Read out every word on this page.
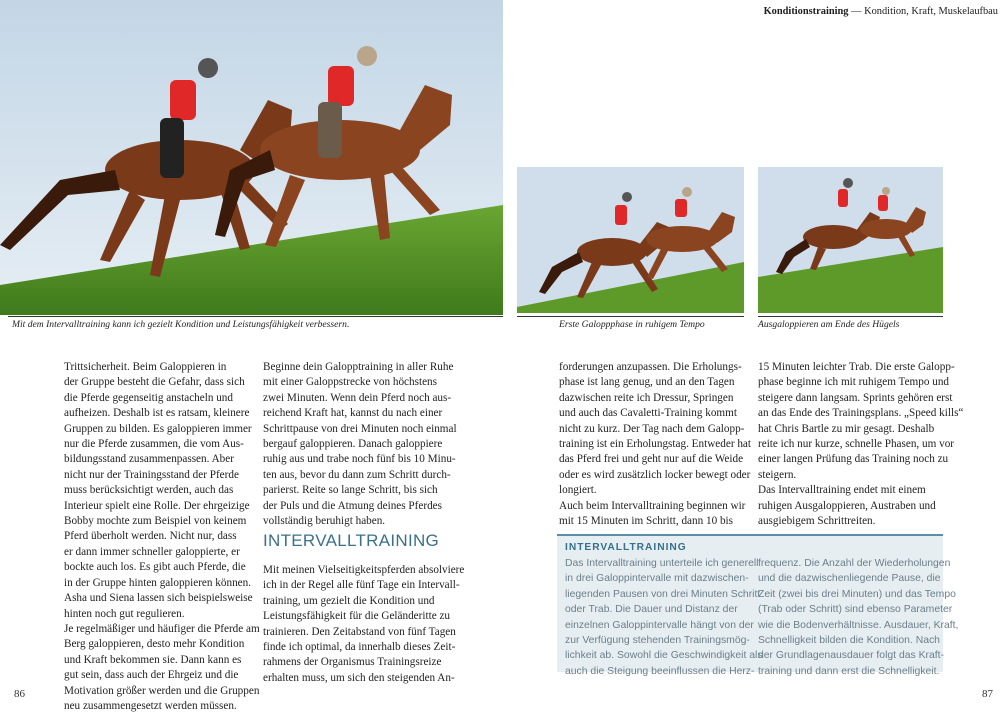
Konditionstraining — Kondition, Kraft, Muskelaufbau
Mit dem Intervalltraining kann ich gezielt Kondition und Leistungsfähigkeit verbessern.	Erste Galoppphase in ruhigem Tempo	Ausgaloppieren am Ende des Hügels
Trittsicherheit. Beim Galoppieren in
der Gruppe besteht die Gefahr, dass sich
die Pferde gegenseitig anstacheln und
aufheizen. Deshalb ist es ratsam, kleinere
Gruppen zu bilden. Es galoppieren immer
nur die Pferde zusammen, die vom Aus-
bildungsstand zusammenpassen. Aber
nicht nur der Trainingsstand der Pferde
muss berücksichtigt werden, auch das
Interieur spielt eine Rolle. Der ehrgeizige
Bobby mochte zum Beispiel von keinem
Pferd überholt werden. Nicht nur, dass
er dann immer schneller galoppierte, er
bockte auch los. Es gibt auch Pferde, die
in der Gruppe hinten galoppieren können.
Asha und Siena lassen sich beispielsweise
hinten noch gut regulieren.
Je regelmäßiger und häufiger die Pferde am
Berg galoppieren, desto mehr Kondition
und Kraft bekommen sie. Dann kann es
gut sein, dass auch der Ehrgeiz und die
Motivation größer werden und die Gruppen
neu zusammengesetzt werden müssen.
Beginne dein Galopptraining in aller Ruhe
mit einer Galoppstrecke von höchstens
zwei Minuten. Wenn dein Pferd noch aus-
reichend Kraft hat, kannst du nach einer
Schrittpause von drei Minuten noch einmal
bergauf galoppieren. Danach galoppiere
ruhig aus und trabe noch fünf bis 10 Minu-
ten aus, bevor du dann zum Schritt durch-
parierst. Reite so lange Schritt, bis sich
der Puls und die Atmung deines Pferdes
vollständig beruhigt haben.
INTERVALLTRAINING
Mit meinen Vielseitigkeitspferden absolviere
ich in der Regel alle fünf Tage ein Intervall-
training, um gezielt die Kondition und
Leistungsfähigkeit für die Geländeritte zu
trainieren. Den Zeitabstand von fünf Tagen
finde ich optimal, da innerhalb dieses Zeit-
rahmens der Organismus Trainingsreize
erhalten muss, um sich den steigenden An-
forderungen anzupassen. Die Erholungs-
phase ist lang genug, und an den Tagen
dazwischen reite ich Dressur, Springen
und auch das Cavaletti-Training kommt
nicht zu kurz. Der Tag nach dem Galopp-
training ist ein Erholungstag. Entweder hat
das Pferd frei und geht nur auf die Weide
oder es wird zusätzlich locker bewegt oder
longiert.
Auch beim Intervalltraining beginnen wir
mit 15 Minuten im Schritt, dann 10 bis
15 Minuten leichter Trab. Die erste Galopp-
phase beginne ich mit ruhigem Tempo und
steigere dann langsam. Sprints gehören erst
an das Ende des Trainingsplans. „Speed kills“
hat Chris Bartle zu mir gesagt. Deshalb
reite ich nur kurze, schnelle Phasen, um vor
einer langen Prüfung das Training noch zu
steigern.
Das Intervalltraining endet mit einem
ruhigen Ausgaloppieren, Austraben und
ausgiebigem Schrittreiten.
INTERVALLTRAINING
Das Intervalltraining unterteile ich generell
in drei Galoppintervalle mit dazwischen-
liegenden Pausen von drei Minuten Schritt
oder Trab. Die Dauer und Distanz der
einzelnen Galoppintervalle hängt von der
zur Verfügung stehenden Trainingsmög-
lichkeit ab. Sowohl die Geschwindigkeit als
auch die Steigung beeinflussen die Herz-
frequenz. Die Anzahl der Wiederholungen
und die dazwischenliegende Pause, die
Zeit (zwei bis drei Minuten) und das Tempo
(Trab oder Schritt) sind ebenso Parameter
wie die Bodenverhältnisse. Ausdauer, Kraft,
Schnelligkeit bilden die Kondition. Nach
der Grundlagenausdauer folgt das Kraft-
training und dann erst die Schnelligkeit.
86	87
